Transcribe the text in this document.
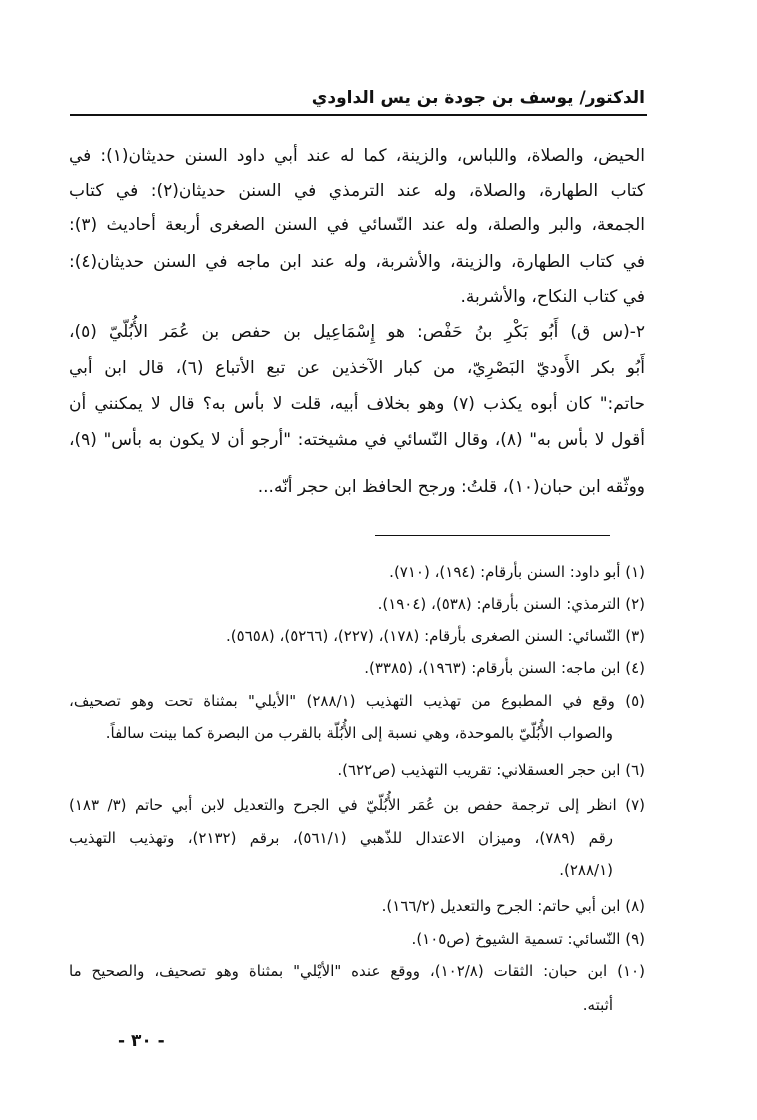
الدكتور/ يوسف بن جودة بن يس الداودي
الحيض، والصلاة، واللباس، والزينة، كما له عند أبي داود السنن حديثان(١): في
كتاب الطهارة، والصلاة، وله عند الترمذي في السنن حديثان(٢): في كتاب
الجمعة، والبر والصلة، وله عند النّسائي في السنن الصغرى أربعة أحاديث (٣):
في كتاب الطهارة، والزينة، والأشربة، وله عند ابن ماجه في السنن حديثان(٤):
في كتاب النكاح، والأشربة.
٢-(س ق) أَبُو بَكْرِ بنُ حَفْص: هو إِسْمَاعِيل بن حفص بن عُمَر الأُبُلّيّ (٥)،
أَبُو بكر الأَوديّ البَصْرِيّ، من كبار الآخذين عن تبع الأتباع (٦)، قال ابن أبي
حاتم:" كان أبوه يكذب (٧) وهو بخلاف أبيه، قلت لا بأس به؟ قال لا يمكنني أن
أقول لا بأس به" (٨)، وقال النّسائي في مشيخته: "أرجو أن لا يكون به بأس" (٩)،
ووثّقه ابن حبان(١٠)، قلتُ: ورجح الحافظ ابن حجر أنّه...
(١) أبو داود: السنن بأرقام: (١٩٤)، (٧١٠).
(٢) الترمذي: السنن بأرقام: (٥٣٨)، (١٩٠٤).
(٣) النّسائي: السنن الصغرى بأرقام: (١٧٨)، (٢٢٧)، (٥٢٦٦)، (٥٦٥٨).
(٤) ابن ماجه: السنن بأرقام: (١٩٦٣)، (٣٣٨٥).
(٥) وقع في المطبوع من تهذيب التهذيب (٢٨٨/١) "الأيلي" بمثناة تحت وهو تصحيف،
والصواب الأُبُلّيّ بالموحدة، وهي نسبة إلى الأُبُلّة بالقرب من البصرة كما بينت سالفاً.
(٦) ابن حجر العسقلاني: تقريب التهذيب (ص٦٢٢).
(٧) انظر إلى ترجمة حفص بن عُمَر الأُبُلّيّ في الجرح والتعديل لابن أبي حاتم (٣/ ١٨٣)
رقم (٧٨٩)، وميزان الاعتدال للذّهبي (٥٦١/١)، برقم (٢١٣٢)، وتهذيب التهذيب
(٢٨٨/١).
(٨) ابن أبي حاتم: الجرح والتعديل (١٦٦/٢).
(٩) النّسائي: تسمية الشيوخ (ص١٠٥).
(١٠) ابن حبان: الثقات (١٠٢/٨)، ووقع عنده "الأيْلي" بمثناة وهو تصحيف، والصحيح ما
أثبته.
- ٣٠ -
